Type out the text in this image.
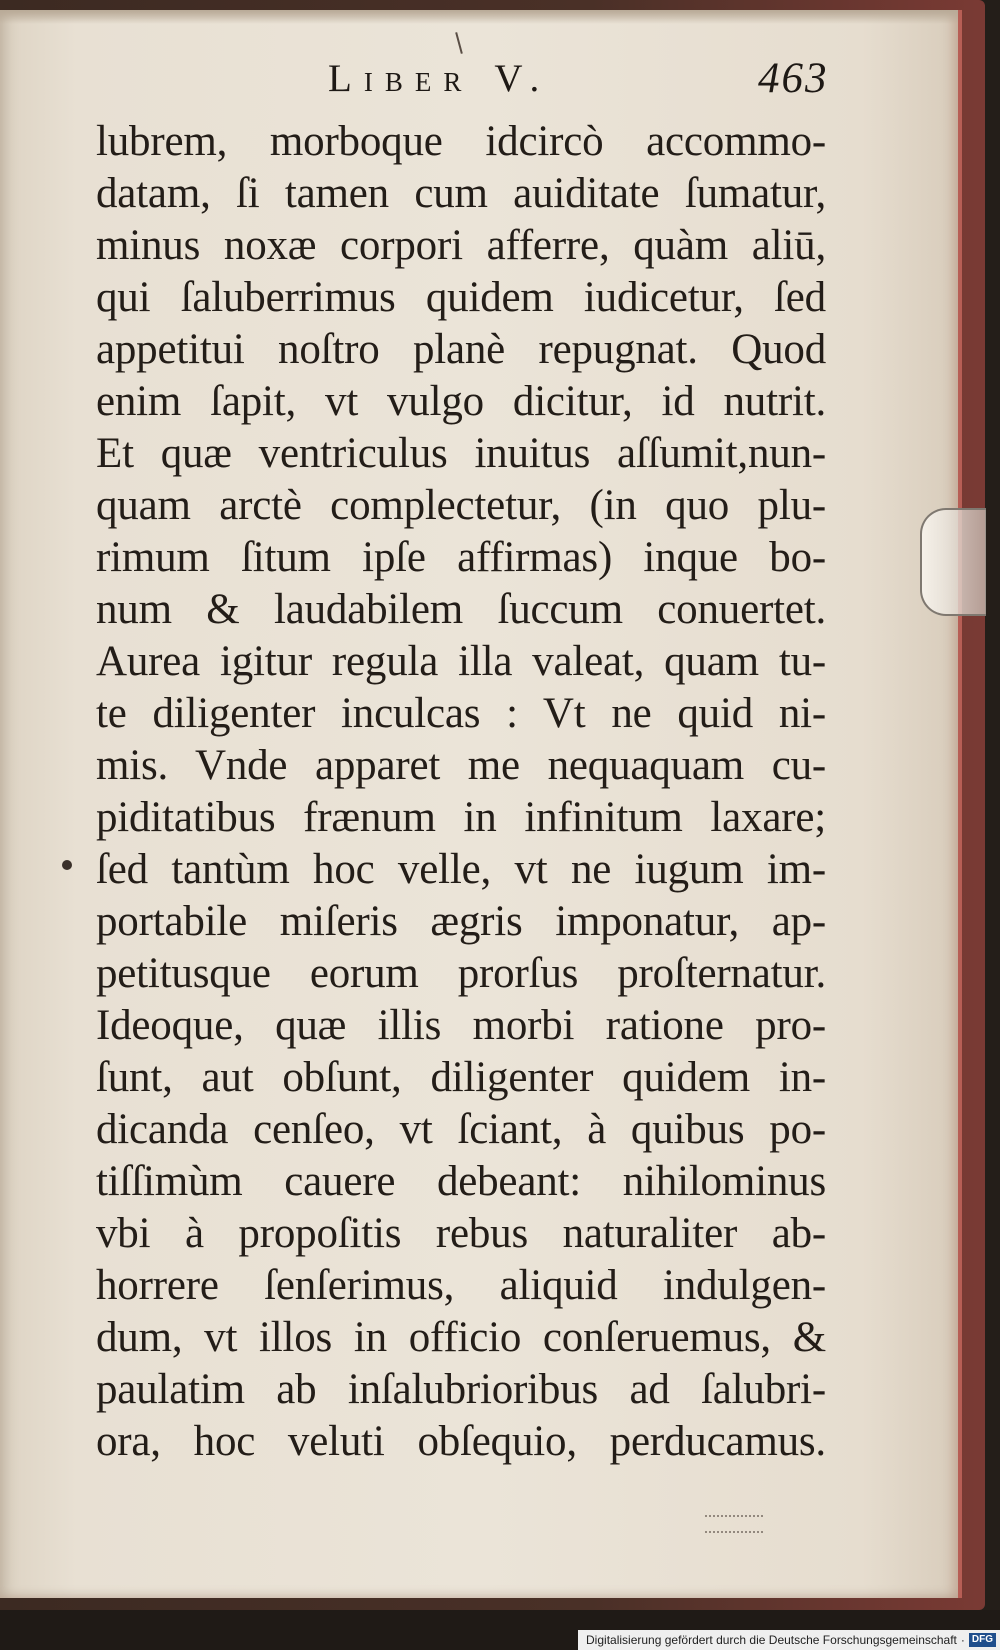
Liber V.	463
lubrem, morboque idcircò accommo-
datam, ſi tamen cum auiditate ſumatur,
minus noxæ corpori afferre, quàm aliū,
qui ſaluberrimus quidem iudicetur, ſed
appetitui noſtro planè repugnat. Quod
enim ſapit, vt vulgo dicitur, id nutrit.
Et quæ ventriculus inuitus aſſumit,nun-
quam arctè complectetur, (in quo plu-
rimum ſitum ipſe affirmas) inque bo-
num & laudabilem ſuccum conuertet.
Aurea igitur regula illa valeat, quam tu-
te diligenter inculcas : Vt ne quid ni-
mis. Vnde apparet me nequaquam cu-
piditatibus frænum in infinitum laxare;
ſed tantùm hoc velle, vt ne iugum im-
portabile miſeris ægris imponatur, ap-
petitusque eorum prorſus proſternatur.
Ideoque, quæ illis morbi ratione pro-
ſunt, aut obſunt, diligenter quidem in-
dicanda cenſeo, vt ſciant, à quibus po-
tiſſimùm cauere debeant: nihilominus
vbi à propoſitis rebus naturaliter ab-
horrere ſenſerimus, aliquid indulgen-
dum, vt illos in officio conſeruemus, &
paulatim ab inſalubrioribus ad ſalubri-
ora, hoc veluti obſequio, perducamus.
Digitalisierung gefördert durch die Deutsche Forschungsgemeinschaft · DFG
